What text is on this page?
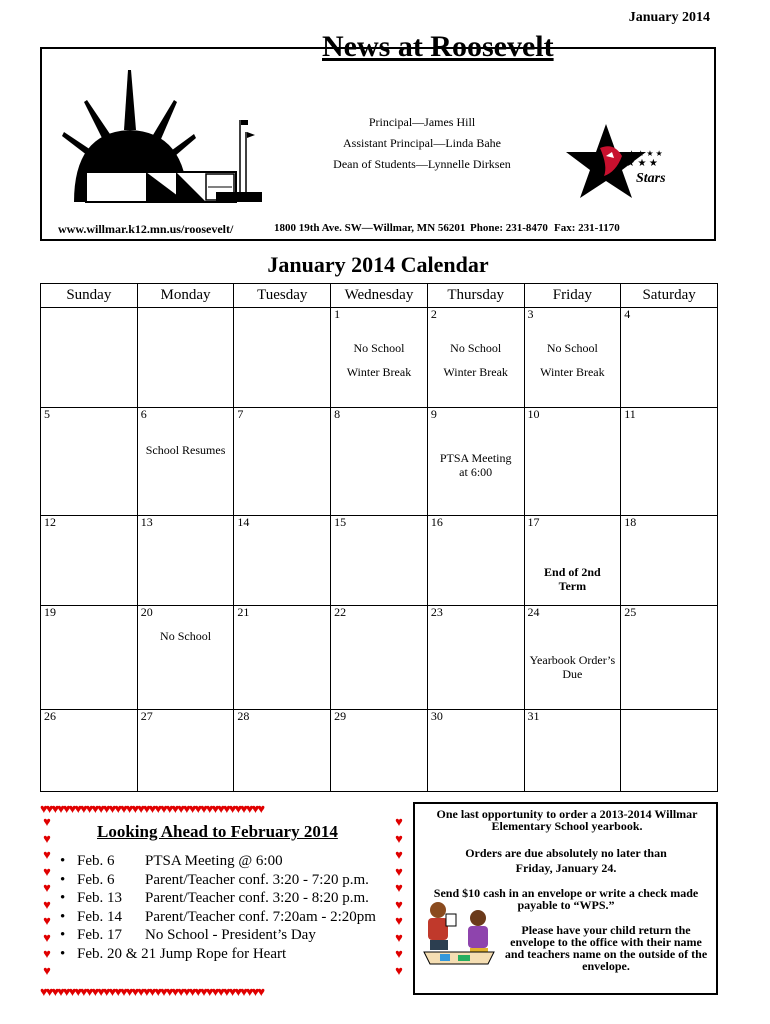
January 2014
News at Roosevelt
Principal—James Hill
Assistant Principal—Linda Bahe
Dean of Students—Lynnelle Dirksen	★ ★ ★
★ ★ ★ ★
Stars
www.willmar.k12.mn.us/roosevelt/	1800 19th Ave. SW—Willmar, MN 56201 Phone: 231-8470 Fax: 231-1170
January 2014 Calendar
Sunday	Monday	Tuesday	Wednesday	Thursday	Friday	Saturday

			1
No School
Winter Break	2
No School
Winter Break	3
No School
Winter Break	4

5	6
School Resumes	7	8	9
PTSA Meeting
at 6:00	10	11

12	13	14	15	16	17
End of 2nd
Term	18

19	20
No School	21	22	23	24
Yearbook Order’s
Due	25

26	27	28	29	30	31	

♥♥♥♥♥♥♥♥♥♥♥♥♥♥♥♥♥♥♥♥♥♥♥♥♥♥♥♥♥♥♥♥♥♥♥♥♥♥♥
♥♥♥♥♥♥♥♥♥♥♥♥♥♥♥♥♥♥♥♥♥♥♥♥♥♥♥♥♥♥♥♥♥♥♥♥♥♥♥
♥
♥
♥
♥
♥
♥
♥
♥
♥
♥
♥
♥
♥
♥
♥
♥
♥
♥
♥
♥
Looking Ahead to February 2014
• Feb. 6	PTSA Meeting @ 6:00
• Feb. 6	Parent/Teacher conf. 3:20 - 7:20 p.m.
• Feb. 13	Parent/Teacher conf. 3:20 - 8:20 p.m.
• Feb. 14	Parent/Teacher conf. 7:20am - 2:20pm
• Feb. 17	No School - President’s Day
• Feb. 20 & 21 Jump Rope for Heart
One last opportunity to order a 2013-2014 Willmar Elementary School yearbook.
Orders are due absolutely no later than Friday, January 24.
Send $10 cash in an envelope or write a check made payable to “WPS.”
Please have your child return the envelope to the office with their name and teachers name on the outside of the envelope.
